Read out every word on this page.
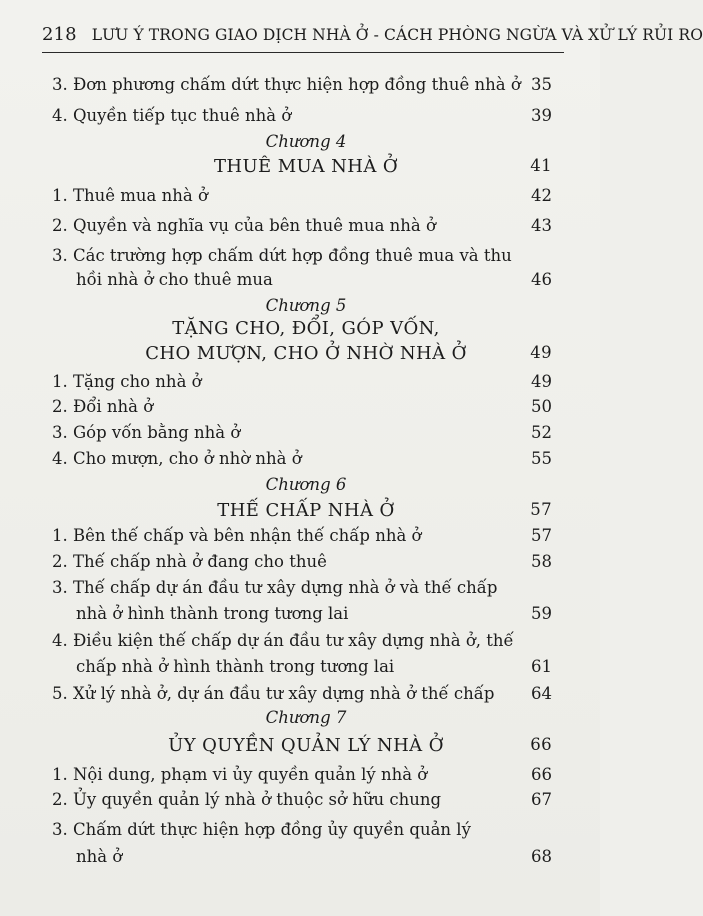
218 LƯU Ý TRONG GIAO DỊCH NHÀ Ở - CÁCH PHÒNG NGỪA VÀ XỬ LÝ RỦI RO
3. Đơn phương chấm dứt thực hiện hợp đồng thuê nhà ở 35
4. Quyền tiếp tục thuê nhà ở	39
Chương 4
THUÊ MUA NHÀ Ở	41
1. Thuê mua nhà ở	42
2. Quyền và nghĩa vụ của bên thuê mua nhà ở	43
3. Các trường hợp chấm dứt hợp đồng thuê mua và thu
hồi nhà ở cho thuê mua	46
Chương 5
TẶNG CHO, ĐỔI, GÓP VỐN,
CHO MƯỢN, CHO Ở NHỜ NHÀ Ở	49
1. Tặng cho nhà ở	49
2. Đổi nhà ở	50
3. Góp vốn bằng nhà ở	52
4. Cho mượn, cho ở nhờ nhà ở	55
Chương 6
THẾ CHẤP NHÀ Ở	57
1. Bên thế chấp và bên nhận thế chấp nhà ở	57
2. Thế chấp nhà ở đang cho thuê	58
3. Thế chấp dự án đầu tư xây dựng nhà ở và thế chấp
nhà ở hình thành trong tương lai	59
4. Điều kiện thế chấp dự án đầu tư xây dựng nhà ở, thế
chấp nhà ở hình thành trong tương lai	61
5. Xử lý nhà ở, dự án đầu tư xây dựng nhà ở thế chấp 64
Chương 7
ỦY QUYỀN QUẢN LÝ NHÀ Ở	66
1. Nội dung, phạm vi ủy quyền quản lý nhà ở	66
2. Ủy quyền quản lý nhà ở thuộc sở hữu chung	67
3. Chấm dứt thực hiện hợp đồng ủy quyền quản lý
nhà ở	68
